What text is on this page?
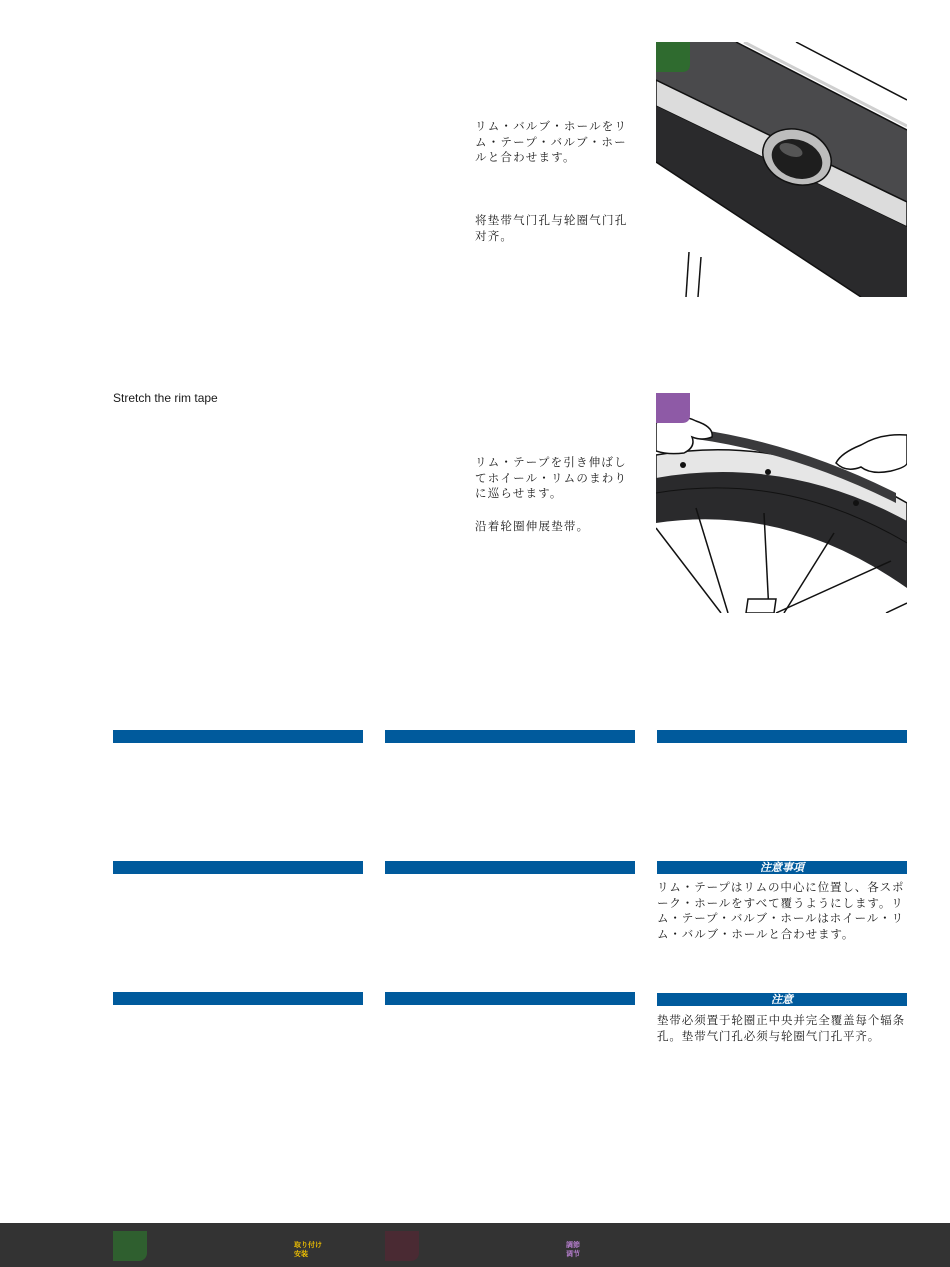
リム・バルブ・ホールをリム・テープ・バルブ・ホールと合わせます。
将垫带气门孔与轮圈气门孔对齐。
Stretch the rim tape
リム・テープを引き伸ばしてホイール・リムのまわりに巡らせます。
沿着轮圈伸展垫带。
注意事項
リム・テープはリムの中心に位置し、各スポーク・ホールをすべて覆うようにします。リム・テープ・バルブ・ホールはホイール・リム・バルブ・ホールと合わせます。
注意
垫带必须置于轮圈正中央并完全覆盖每个辐条孔。垫带气门孔必须与轮圈气门孔平齐。
取り付け
安装
調節
调节
